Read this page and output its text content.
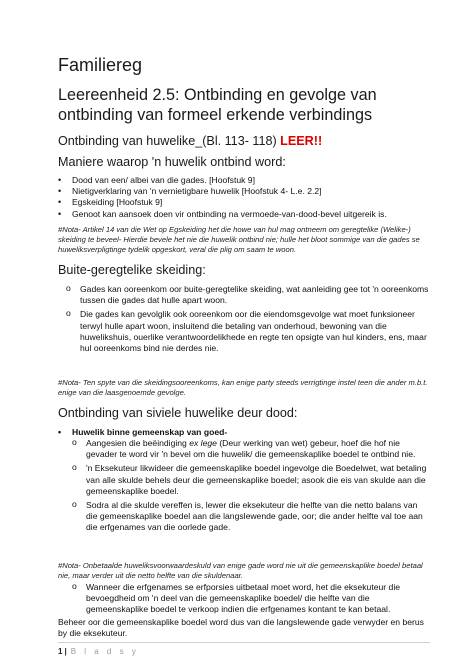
Familiereg
Leereenheid 2.5: Ontbinding en gevolge van ontbinding van formeel erkende verbindings
Ontbinding van huwelike_(Bl. 113- 118) LEER!!
Maniere waarop 'n huwelik ontbind word:
• Dood van een/ albei van die gades. [Hoofstuk 9]
• Nietigverklaring van 'n vernietigbare huwelik [Hoofstuk 4- L.e. 2.2]
• Egskeiding [Hoofstuk 9]
• Genoot kan aansoek doen vir ontbinding na vermoede-van-dood-bevel uitgereik is.
#Nota- Artikel 14 van die Wet op Egskeiding het die howe van hul mag ontneem om geregtelike (Welike-) skeiding te beveel- Hierdie bevele het nie die huwelik ontbind nie; hulle het bloot sommige van die gades se huweliksverpligtinge tydelik opgeskort, veral die plig om saam te woon.
Buite-geregtelike skeiding:
o Gades kan ooreenkom oor buite-geregtelike skeiding, wat aanleiding gee tot 'n ooreenkoms tussen die gades dat hulle apart woon.
o Die gades kan gevolglik ook ooreenkom oor die eiendomsgevolge wat moet funksioneer terwyl hulle apart woon, insluitend die betaling van onderhoud, bewoning van die huwelikshuis, ouerlike verantwoordelikhede en regte ten opsigte van hul kinders, ens, maar hul ooreenkoms bind nie derdes nie.
#Nota- Ten spyte van die skeidingsooreenkoms, kan enige party steeds verrigtinge instel teen die ander m.b.t. enige van die laasgenoemde gevolge.
Ontbinding van siviele huwelike deur dood:
• Huwelik binne gemeenskap van goed-
o Aangesien die beëindiging ex lege (Deur werking van wet) gebeur, hoef die hof nie gevader te word vir 'n bevel om die huwelik/ die gemeenskaplike boedel te ontbind nie.
o 'n Eksekuteur likwideer die gemeenskaplike boedel ingevolge die Boedelwet, wat betaling van alle skulde behels deur die gemeenskaplike boedel; asook die eis van skulde aan die gemeenskaplike boedel.
o Sodra al die skulde vereffen is, lewer die eksekuteur die helfte van die netto balans van die gemeenskaplike boedel aan die langslewende gade, oor; die ander helfte val toe aan die erfgenames van die oorlede gade.
#Nota- Onbetaalde huweliksvoorwaardeskuld van enige gade word nie uit die gemeenskaplike boedel betaal nie, maar verder uit die netto helfte van die skuldenaar.
o Wanneer die erfgenames se erfporsies uitbetaal moet word, het die eksekuteur die bevoegdheid om 'n deel van die gemeenskaplike boedel/ die helfte van die gemeenskaplike boedel te verkoop indien die erfgenames kontant te kan betaal.
Beheer oor die gemeenskaplike boedel word dus van die langslewende gade verwyder en berus by die eksekuteur.
1 | B l a d s y
